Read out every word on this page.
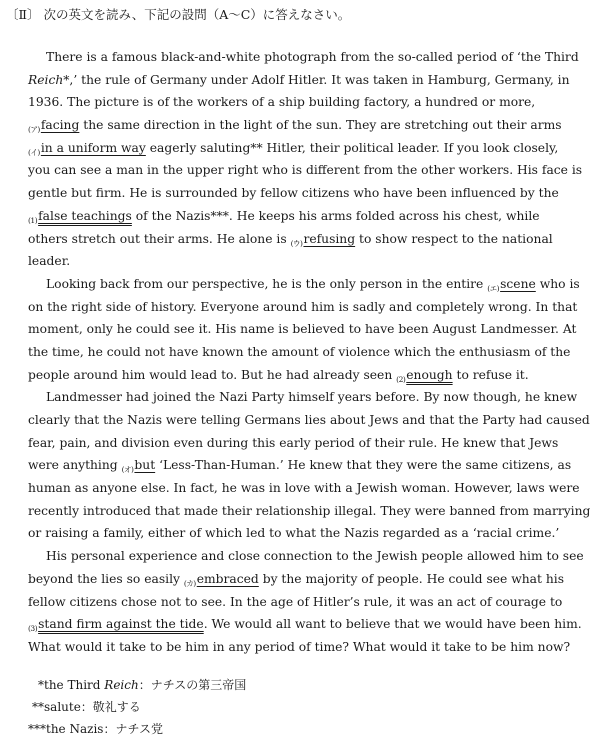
〔Ⅱ〕 次の英文を読み、下記の設問（A～C）に答えなさい。
There is a famous black-and-white photograph from the so-called period of ‘the Third
Reich*,’ the rule of Germany under Adolf Hitler. It was taken in Hamburg, Germany, in
1936. The picture is of the workers of a ship building factory, a hundred or more,
$_{(ア)}$facing the same direction in the light of the sun. They are stretching out their arms
$_{(イ)}$in a uniform way eagerly saluting** Hitler, their political leader. If you look closely,
you can see a man in the upper right who is different from the other workers. His face is
gentle but firm. He is surrounded by fellow citizens who have been influenced by the
$_{(1)}$false teachings of the Nazis***. He keeps his arms folded across his chest, while
others stretch out their arms. He alone is $_{(ウ)}$refusing to show respect to the national
leader.
Looking back from our perspective, he is the only person in the entire $_{(エ)}$scene who is
on the right side of history. Everyone around him is sadly and completely wrong. In that
moment, only he could see it. His name is believed to have been August Landmesser. At
the time, he could not have known the amount of violence which the enthusiasm of the
people around him would lead to. But he had already seen $_{(2)}$enough to refuse it.
Landmesser had joined the Nazi Party himself years before. By now though, he knew
clearly that the Nazis were telling Germans lies about Jews and that the Party had caused
fear, pain, and division even during this early period of their rule. He knew that Jews
were anything $_{(オ)}$but ‘Less-Than-Human.’ He knew that they were the same citizens, as
human as anyone else. In fact, he was in love with a Jewish woman. However, laws were
recently introduced that made their relationship illegal. They were banned from marrying
or raising a family, either of which led to what the Nazis regarded as a ‘racial crime.’
His personal experience and close connection to the Jewish people allowed him to see
beyond the lies so easily $_{(カ)}$embraced by the majority of people. He could see what his
fellow citizens chose not to see. In the age of Hitler’s rule, it was an act of courage to
$_{(3)}$stand firm against the tide. We would all want to believe that we would have been him.
What would it take to be him in any period of time? What would it take to be him now?
*the Third Reich：ナチスの第三帝国
**salute：敬礼する
***the Nazis：ナチス党
